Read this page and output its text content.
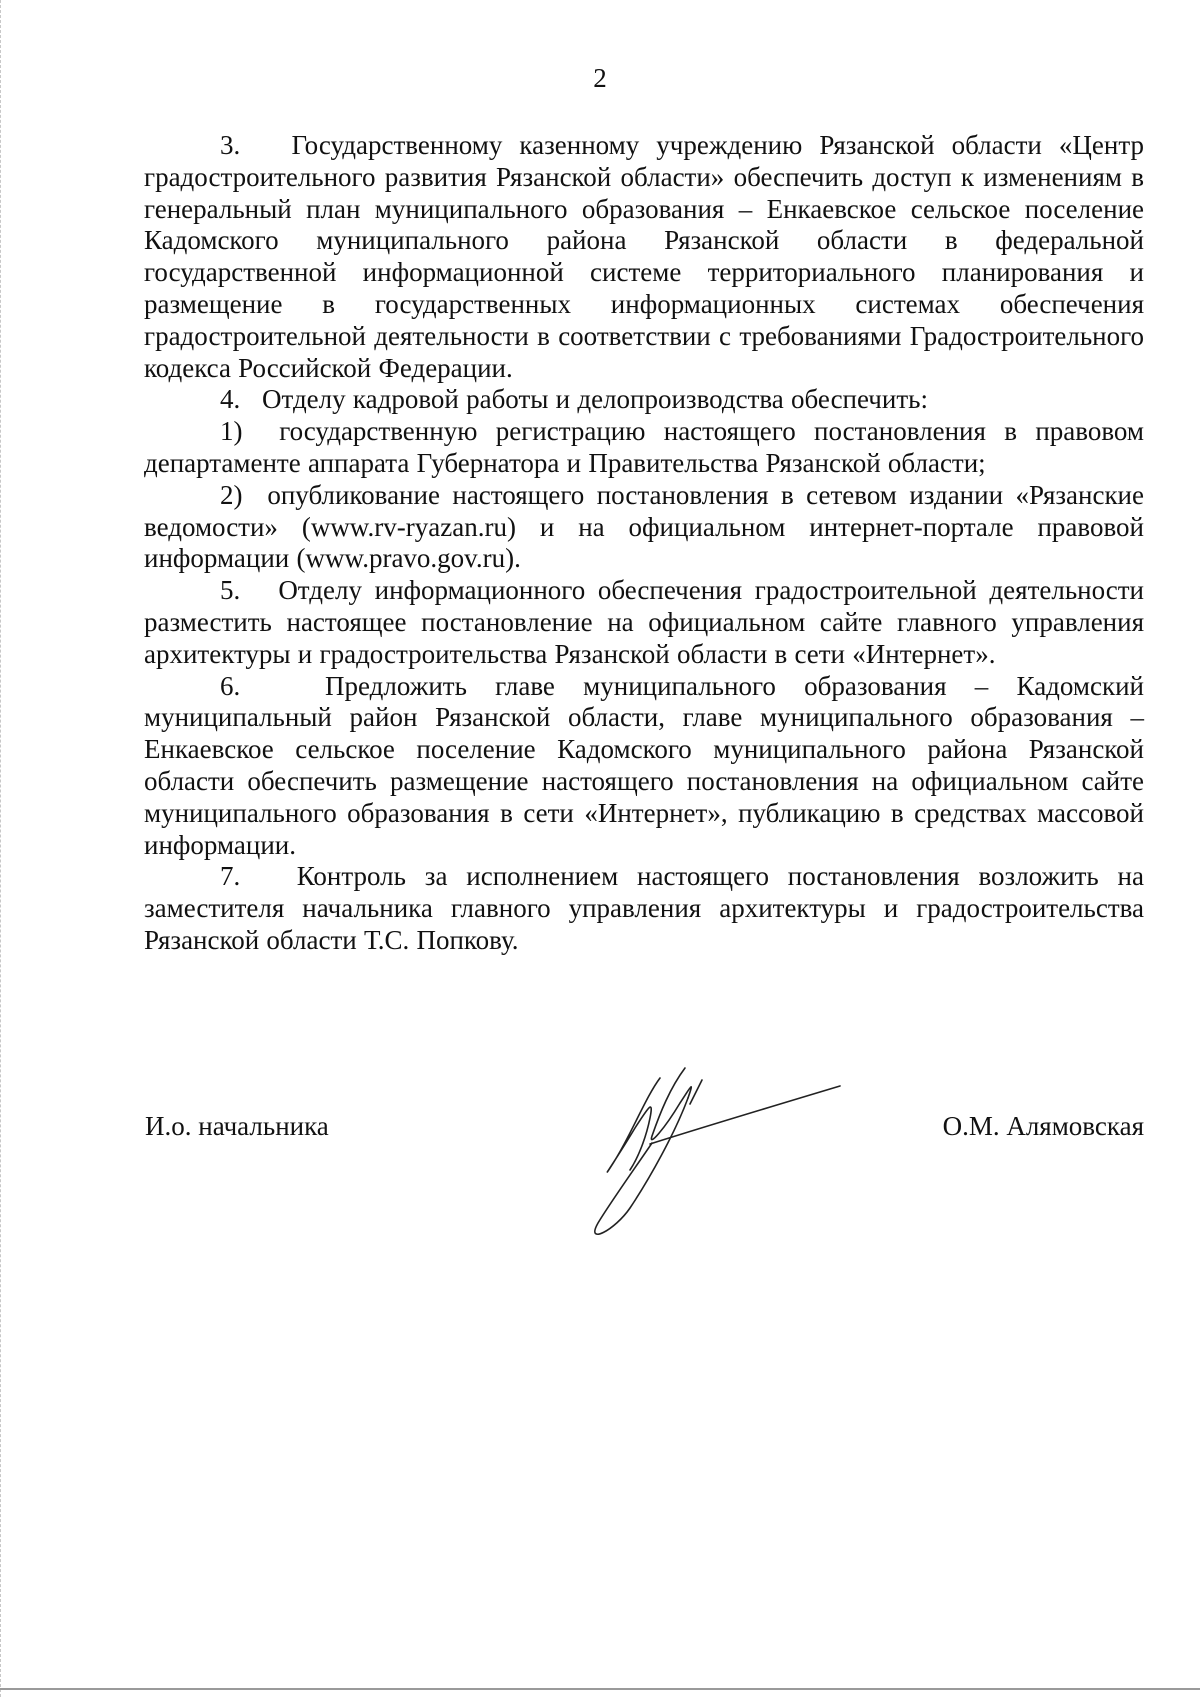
2

3.   Государственному казенному учреждению Рязанской области «Центр градостроительного развития Рязанской области» обеспечить доступ к изменениям в генеральный план муниципального образования – Енкаевское сельское поселение Кадомского муниципального района Рязанской области в федеральной государственной информационной системе территориального планирования и размещение в государственных информационных системах обеспечения градостроительной деятельности в соответствии с требованиями Градостроительного кодекса Российской Федерации.

4.   Отделу кадровой работы и делопроизводства обеспечить:

1)  государственную регистрацию настоящего постановления в правовом департаменте аппарата Губернатора и Правительства Рязанской области;

2)  опубликование настоящего постановления в сетевом издании «Рязанские ведомости» (www.rv-ryazan.ru) и на официальном интернет-портале правовой информации (www.pravo.gov.ru).

5.   Отделу информационного обеспечения градостроительной деятельности разместить настоящее постановление на официальном сайте главного управления архитектуры и градостроительства Рязанской области в сети «Интернет».

6.   Предложить главе муниципального образования – Кадомский муниципальный район Рязанской области, главе муниципального образования – Енкаевское сельское поселение Кадомского муниципального района Рязанской области обеспечить размещение настоящего постановления на официальном сайте муниципального образования в сети «Интернет», публикацию в средствах массовой информации.

7.   Контроль за исполнением настоящего постановления возложить на заместителя начальника главного управления архитектуры и градостроительства Рязанской области Т.С. Попкову.

И.о. начальника	О.М. Алямовская
